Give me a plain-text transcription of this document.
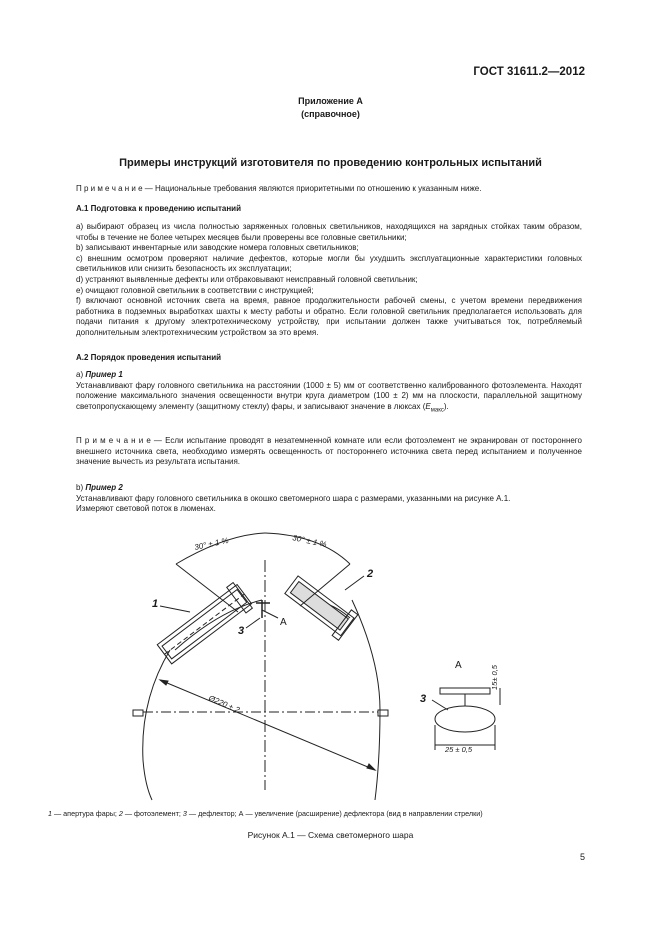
ГОСТ 31611.2—2012
Приложение А
(справочное)
Примеры инструкций изготовителя по проведению контрольных испытаний
П р и м е ч а н и е — Национальные требования являются приоритетными по отношению к указанным ниже.
А.1 Подготовка к проведению испытаний

a) выбирают образец из числа полностью заряженных головных светильников, находящихся на зарядных стойках таким образом, чтобы в течение не более четырех месяцев были проверены все головные светильники;

b) записывают инвентарные или заводские номера головных светильников;

c) внешним осмотром проверяют наличие дефектов, которые могли бы ухудшить эксплуатационные характеристики головных светильников или снизить безопасность их эксплуатации;

d) устраняют выявленные дефекты или отбраковывают неисправный головной светильник;

e) очищают головной светильник в соответствии с инструкцией;

f) включают основной источник света на время, равное продолжительности рабочей смены, с учетом времени передвижения работника в подземных выработках шахты к месту работы и обратно. Если головной светильник предполагается использовать для подачи питания к другому электротехническому устройству, при испытании должен также учитываться ток, потребляемый дополнительным электротехническим устройством за это время.

А.2 Порядок проведения испытаний

a) Пример 1

Устанавливают фару головного светильника на расстоянии (1000 ± 5) мм от соответственно калиброванного фотоэлемента. Находят положение максимального значения освещенности внутри круга диаметром (100 ± 2) мм на плоскости, параллельной защитному светопропускающему элементу (защитному стеклу) фары, и записывают значение в люксах $(E_{макс})$.

П р и м е ч а н и е — Если испытание проводят в незатемненной комнате или если фотоэлемент не экранирован от постороннего внешнего источника света, необходимо измерять освещенность от постороннего источника света перед испытанием и полученное значение вычесть из результата испытания.

b) Пример 2

Устанавливают фару головного светильника в окошко светомерного шара с размерами, указанными на рисунке А.1.

Измеряют световой поток в люменах.

30° ± 1 %	30° ± 1 %
1
2
3
А
Ø220 ± 2
А
3
15± 0,5
25 ± 0,5
1 — апертура фары; 2 — фотоэлемент; 3 — дефлектор; А — увеличение (расширение) дефлектора (вид в направлении стрелки)
Рисунок А.1 — Схема светомерного шара
5
